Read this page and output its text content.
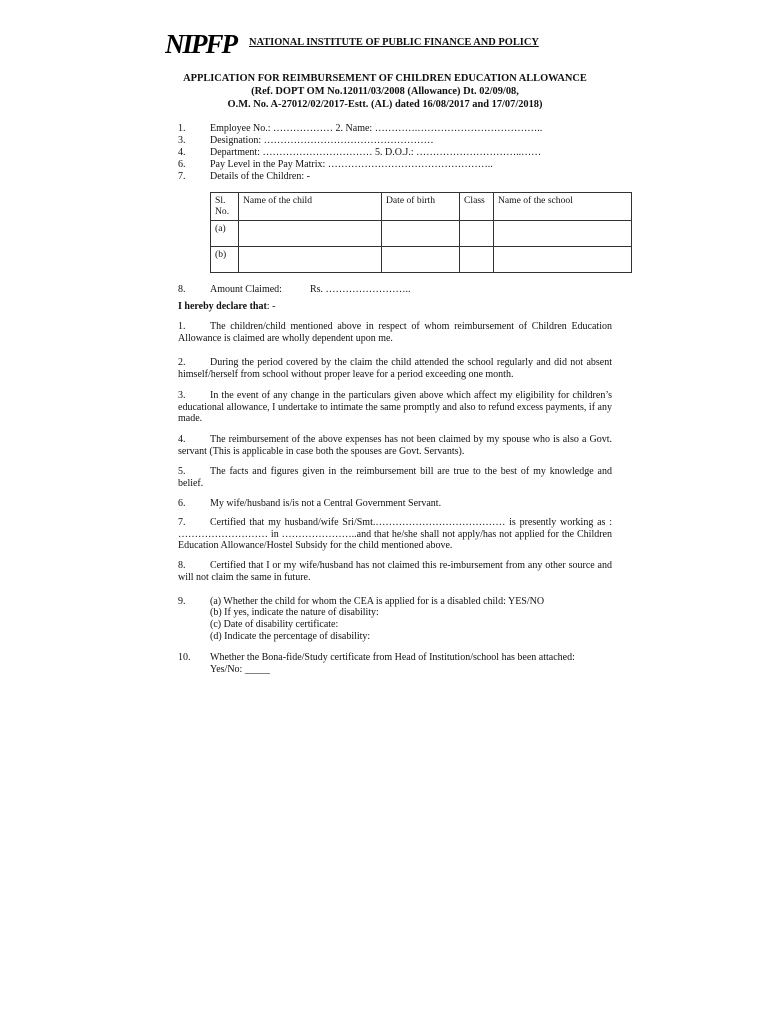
NIPFP NATIONAL INSTITUTE OF PUBLIC FINANCE AND POLICY
APPLICATION FOR REIMBURSEMENT OF CHILDREN EDUCATION ALLOWANCE
(Ref. DOPT OM No.12011/03/2008 (Allowance) Dt. 02/09/08,
O.M. No. A-27012/02/2017-Estt. (AL) dated 16/08/2017 and 17/07/2018)
1. Employee No.: ……………… 2. Name: ………….………………………………..
3. Designation: ……………………………………………
4. Department: …………………………… 5. D.O.J.: …………………………..……
6. Pay Level in the Pay Matrix: …………………………………………..
7. Details of the Children: -
Sl.
No.	Name of the child	Date of birth	Class	Name of the school
(a)				
(b)				
8. Amount Claimed:	Rs. ……………………..
I hereby declare that: -
1. The children/child mentioned above in respect of whom reimbursement of Children Education Allowance is claimed are wholly dependent upon me.
2. During the period covered by the claim the child attended the school regularly and did not absent himself/herself from school without proper leave for a period exceeding one month.
3. In the event of any change in the particulars given above which affect my eligibility for children’s educational allowance, I undertake to intimate the same promptly and also to refund excess payments, if any made.
4. The reimbursement of the above expenses has not been claimed by my spouse who is also a Govt. servant (This is applicable in case both the spouses are Govt. Servants).
5. The facts and figures given in the reimbursement bill are true to the best of my knowledge and belief.
6. My wife/husband is/is not a Central Government Servant.
7. Certified that my husband/wife Sri/Smt.………………………………… is presently working as : ……………………… in …………………..and that he/she shall not apply/has not applied for the Children Education Allowance/Hostel Subsidy for the child mentioned above.
8. Certified that I or my wife/husband has not claimed this re-imbursement from any other source and will not claim the same in future.
9. (a) Whether the child for whom the CEA is applied for is a disabled child: YES/NO
(b) If yes, indicate the nature of disability:
(c) Date of disability certificate:
(d) Indicate the percentage of disability:
10. Whether the Bona-fide/Study certificate from Head of Institution/school has been attached:
Yes/No: _____
